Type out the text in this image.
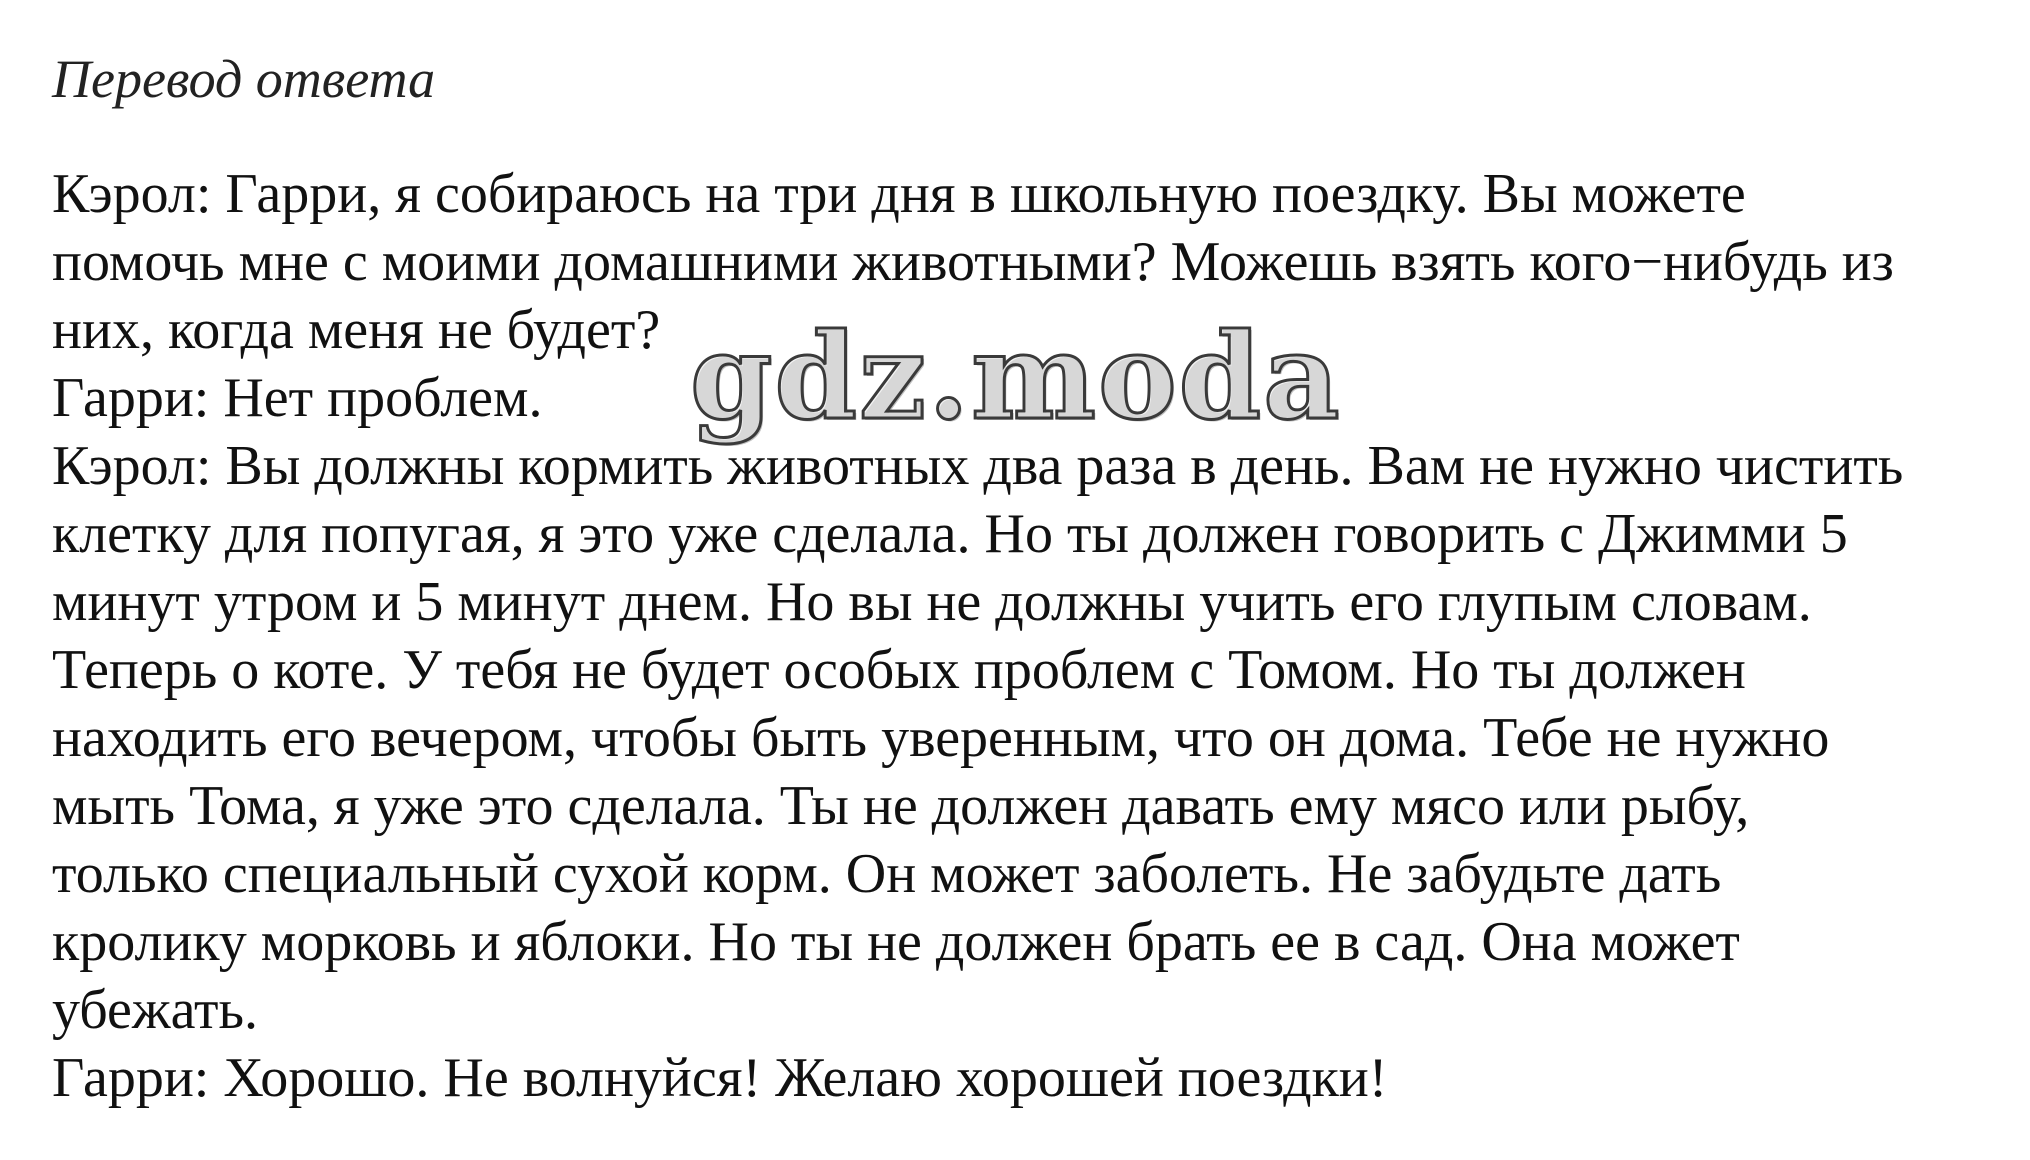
Перевод ответа
Кэрол: Гарри, я собираюсь на три дня в школьную поездку. Вы можете
помочь мне с моими домашними животными? Можешь взять кого−нибудь из
них, когда меня не будет?
Гарри: Нет проблем.
Кэрол: Вы должны кормить животных два раза в день. Вам не нужно чистить
клетку для попугая, я это уже сделала. Но ты должен говорить с Джимми 5
минут утром и 5 минут днем. Но вы не должны учить его глупым словам.
Теперь о коте. У тебя не будет особых проблем с Томом. Но ты должен
находить его вечером, чтобы быть уверенным, что он дома. Тебе не нужно
мыть Тома, я уже это сделала. Ты не должен давать ему мясо или рыбу,
только специальный сухой корм. Он может заболеть. Не забудьте дать
кролику морковь и яблоки. Но ты не должен брать ее в сад. Она может
убежать.
Гарри: Хорошо. Не волнуйся! Желаю хорошей поездки!
gdz.moda
